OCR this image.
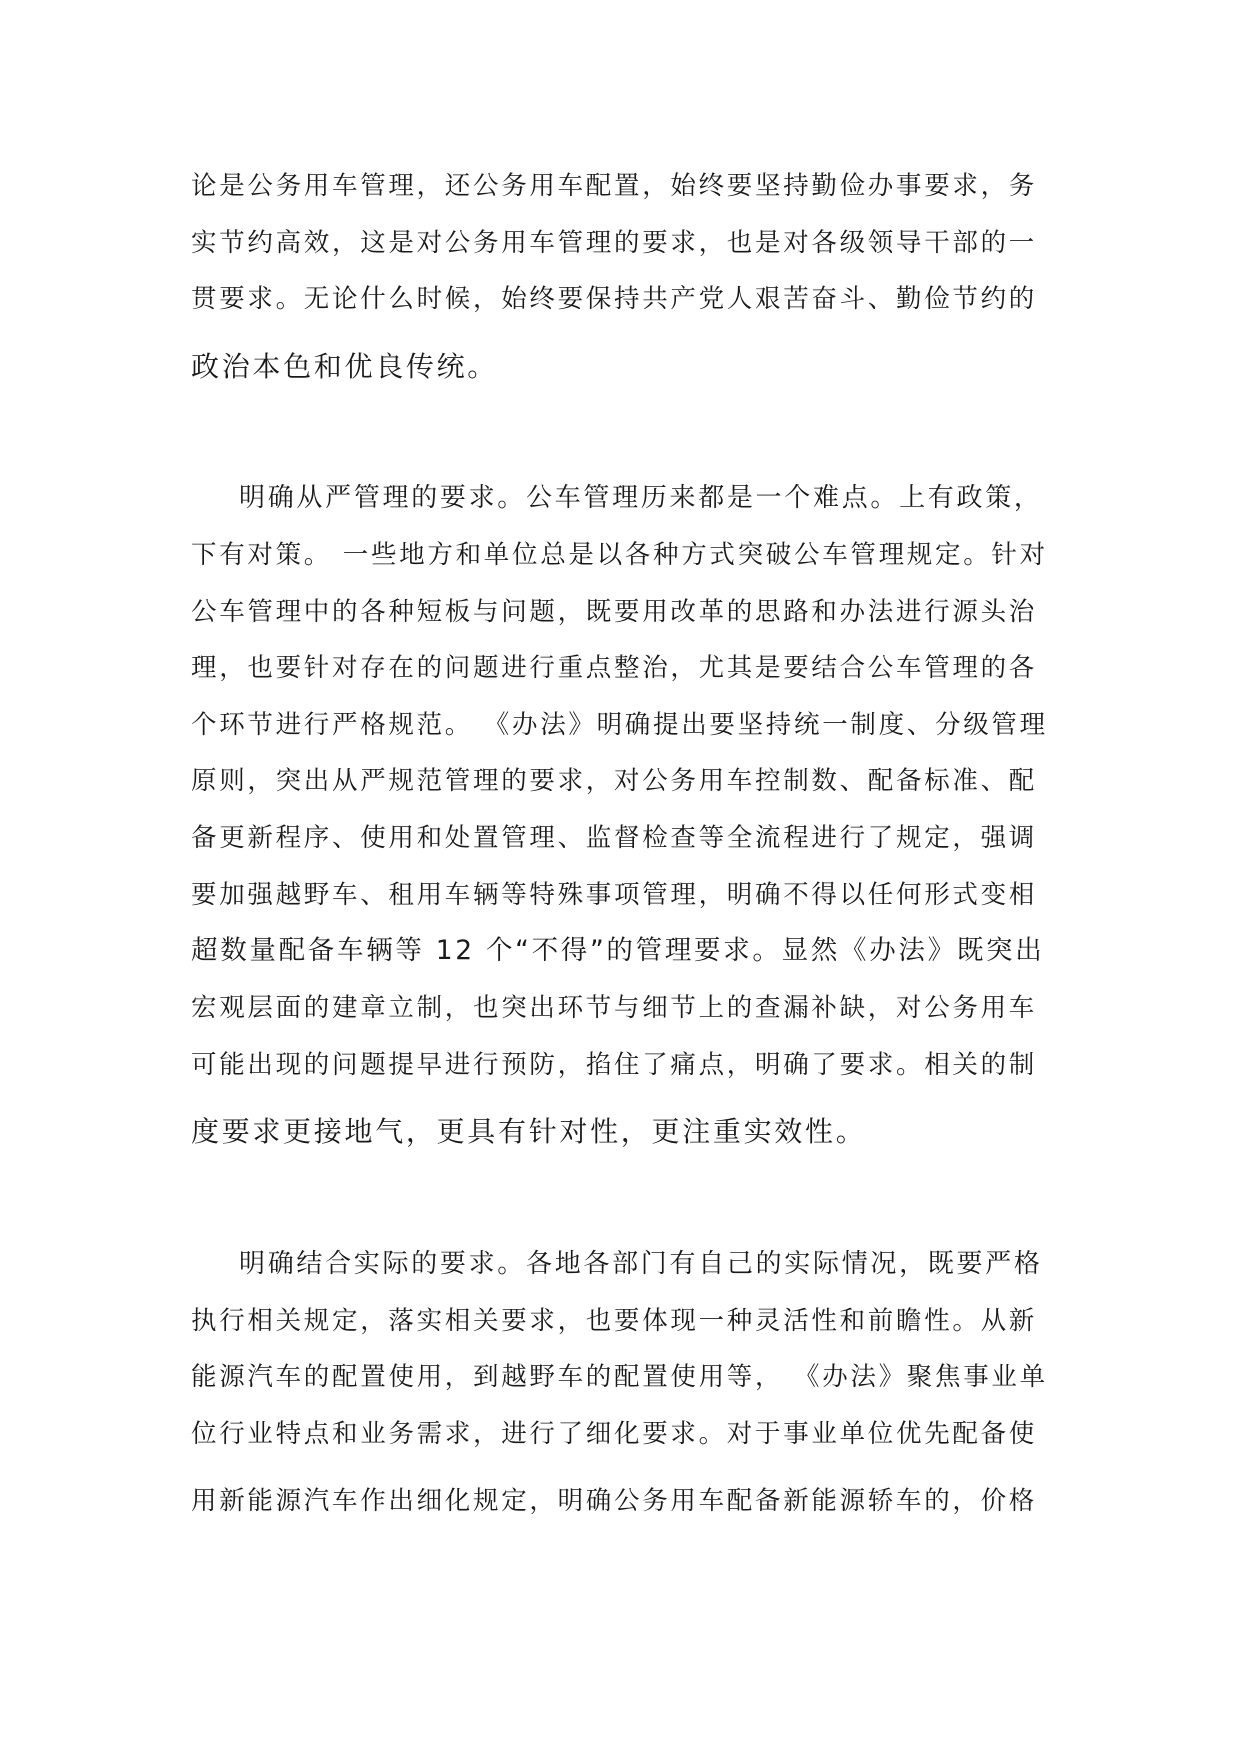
论是公务用车管理，还公务用车配置，始终要坚持勤俭办事要求，务
实节约高效，这是对公务用车管理的要求，也是对各级领导干部的一
贯要求。无论什么时候，始终要保持共产党人艰苦奋斗、勤俭节约的
政治本色和优良传统。
明确从严管理的要求。公车管理历来都是一个难点。上有政策，
下有对策。 一些地方和单位总是以各种方式突破公车管理规定。针对
公车管理中的各种短板与问题，既要用改革的思路和办法进行源头治
理，也要针对存在的问题进行重点整治，尤其是要结合公车管理的各
个环节进行严格规范。 《办法》明确提出要坚持统一制度、分级管理
原则，突出从严规范管理的要求，对公务用车控制数、配备标准、配
备更新程序、使用和处置管理、监督检查等全流程进行了规定，强调
要加强越野车、租用车辆等特殊事项管理，明确不得以任何形式变相
超数量配备车辆等 12 个“不得”的管理要求。显然《办法》既突出
宏观层面的建章立制，也突出环节与细节上的查漏补缺，对公务用车
可能出现的问题提早进行预防，掐住了痛点，明确了要求。相关的制
度要求更接地气，更具有针对性，更注重实效性。
明确结合实际的要求。各地各部门有自己的实际情况，既要严格
执行相关规定，落实相关要求，也要体现一种灵活性和前瞻性。从新
能源汽车的配置使用，到越野车的配置使用等， 《办法》聚焦事业单
位行业特点和业务需求，进行了细化要求。对于事业单位优先配备使
用新能源汽车作出细化规定，明确公务用车配备新能源轿车的，价格
